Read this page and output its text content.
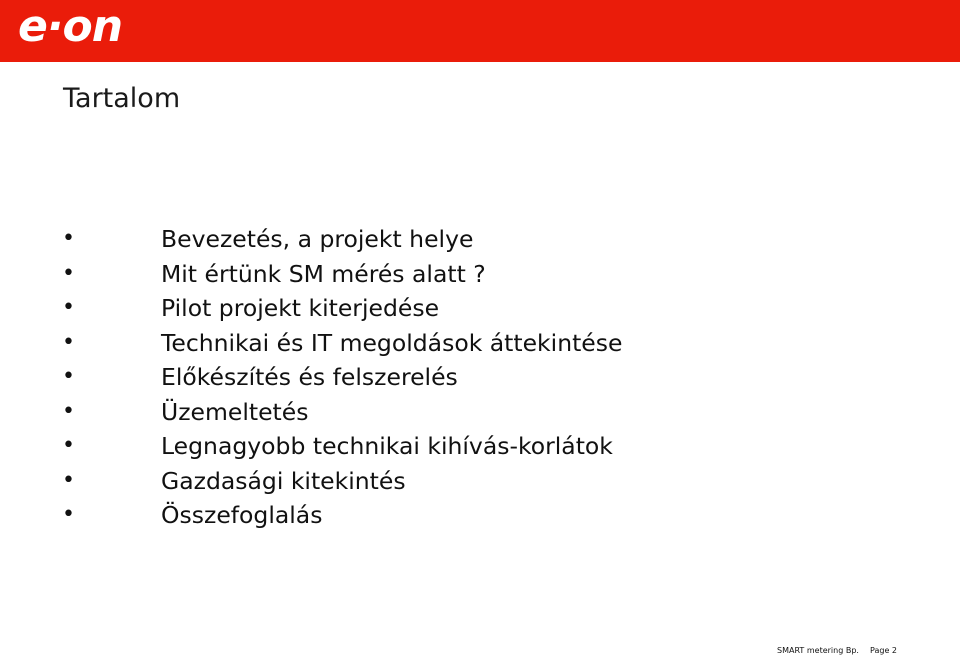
e·on
Tartalom
•	Bevezetés, a projekt helye
•	Mit értünk SM mérés alatt ?
•	Pilot projekt kiterjedése
•	Technikai és IT megoldások áttekintése
•	Előkészítés és felszerelés
•	Üzemeltetés
•	Legnagyobb technikai kihívás-korlátok
•	Gazdasági kitekintés
•	Összefoglalás
SMART metering Bp. Page 2
